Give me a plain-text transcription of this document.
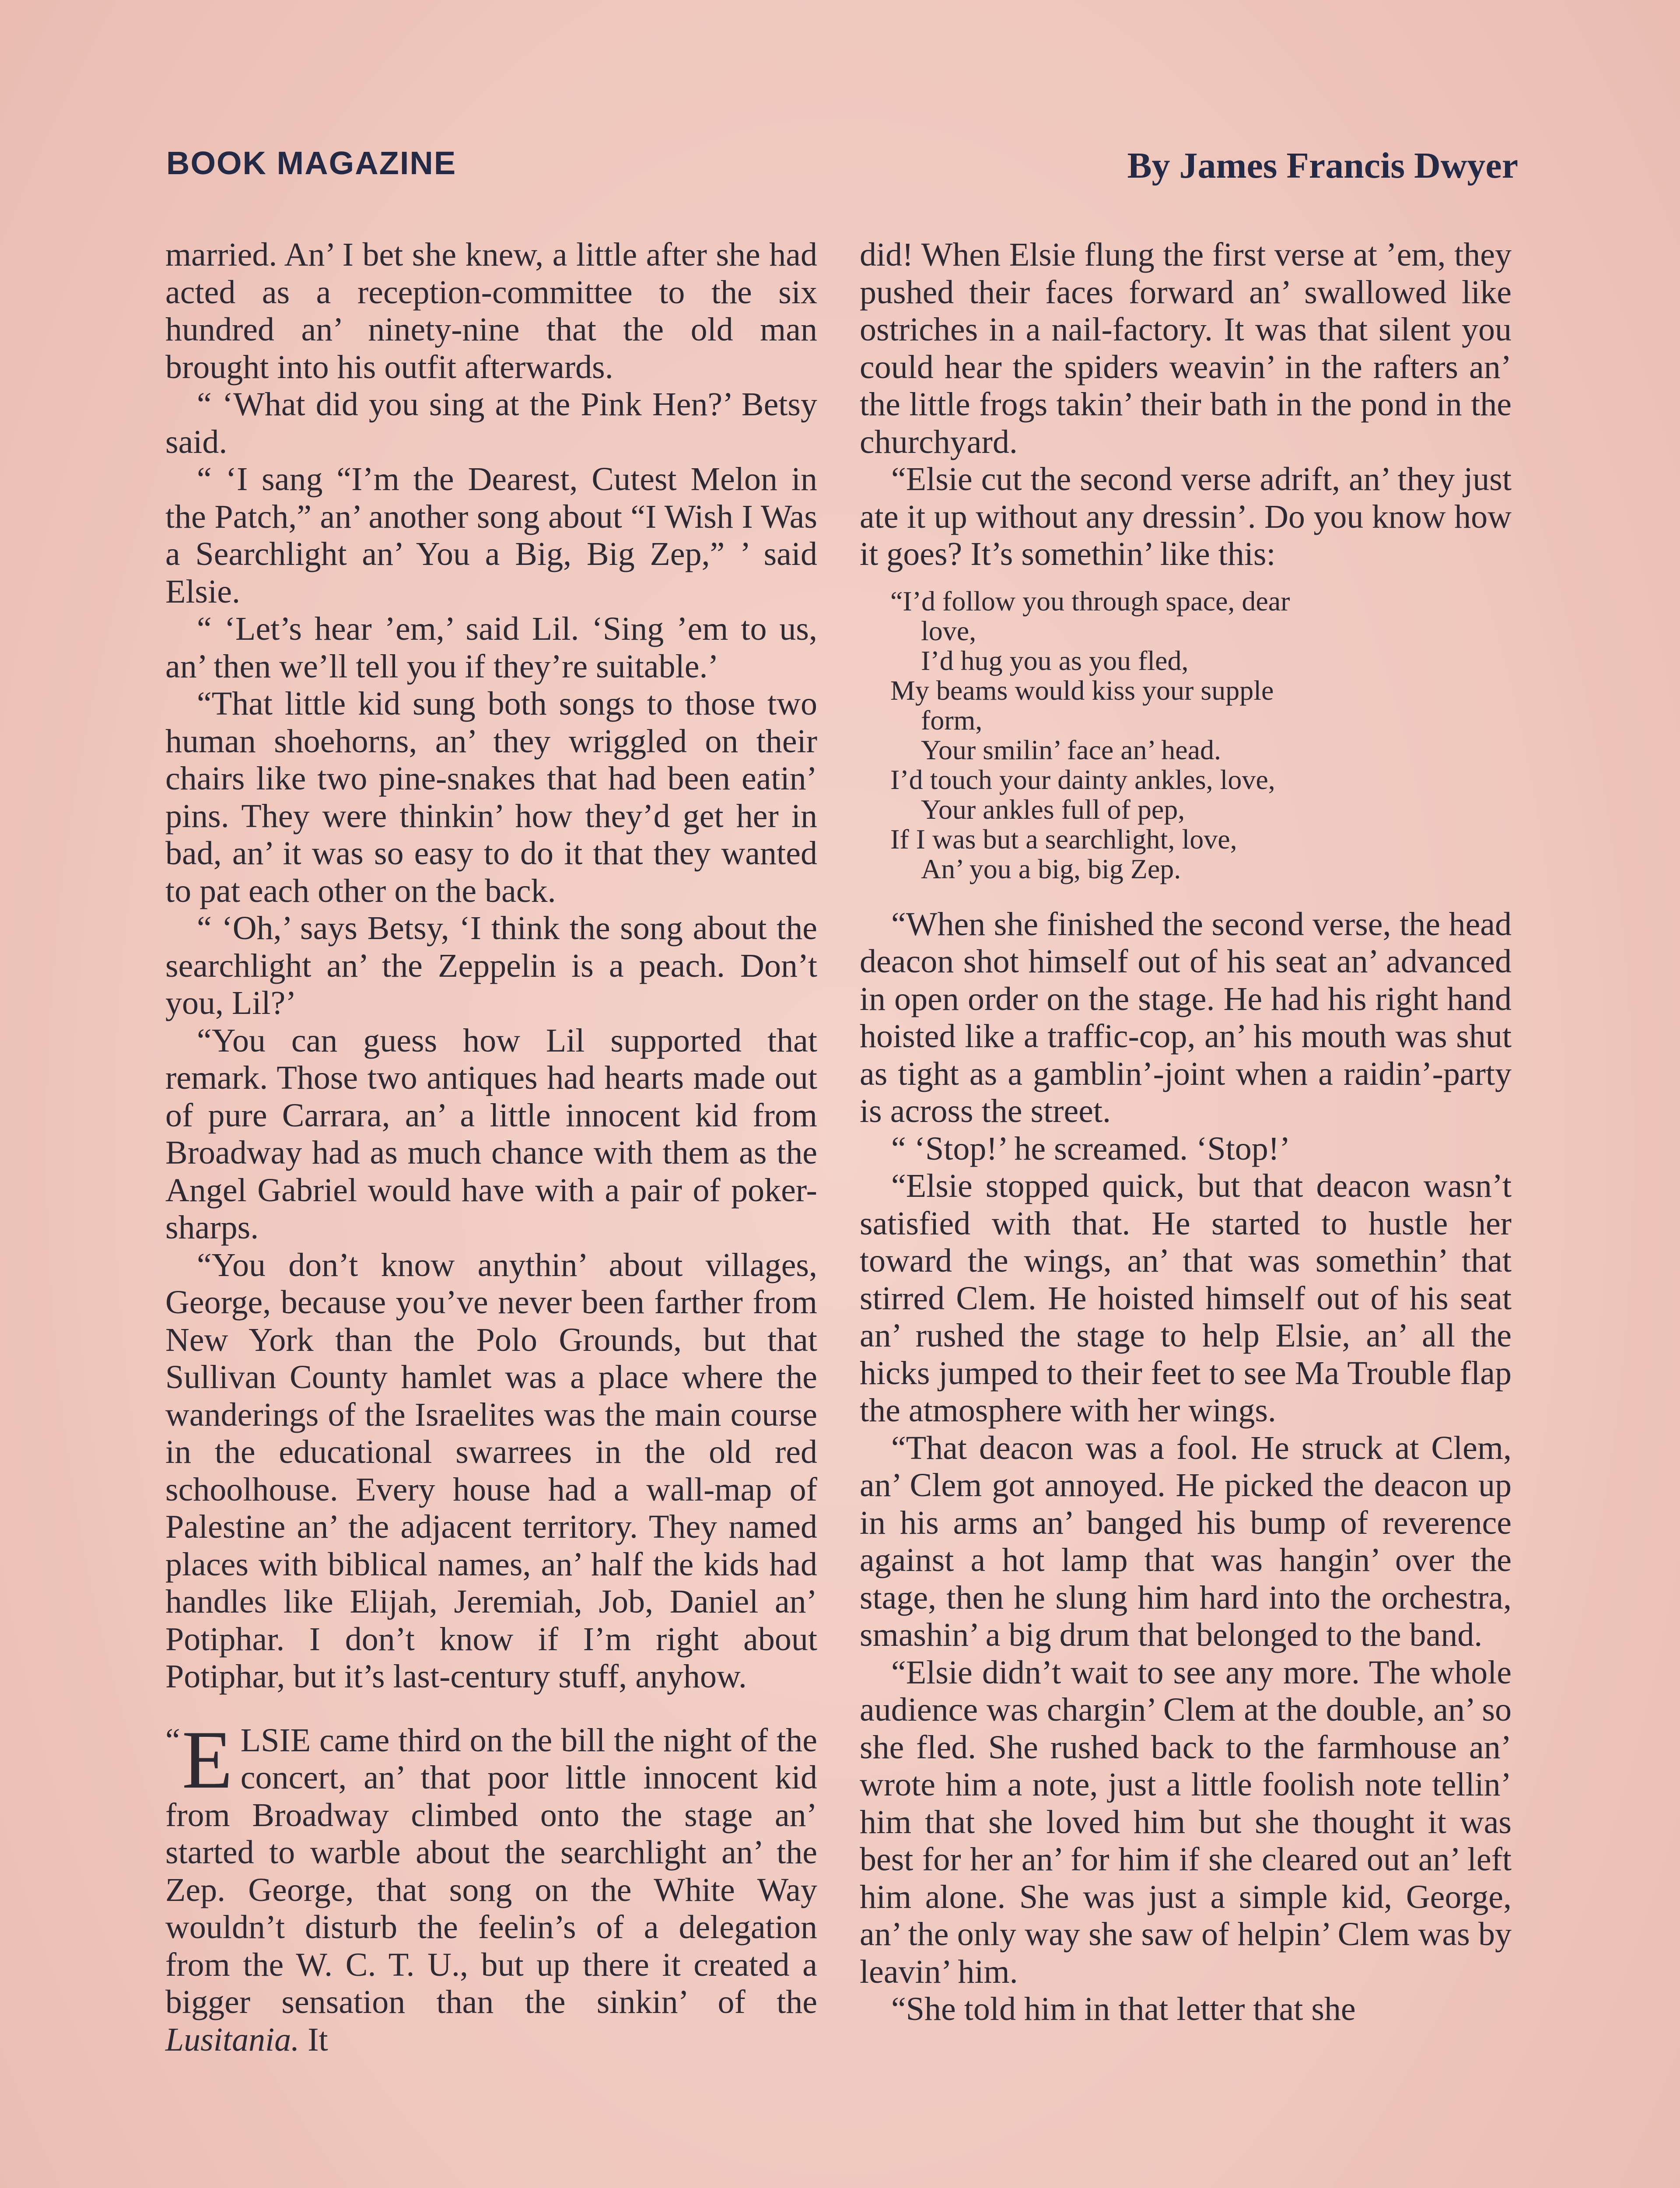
BOOK MAGAZINE	By James Francis Dwyer

married. An’ I bet she knew, a little after she had acted as a reception-committee to the six hundred an’ ninety-nine that the old man brought into his outfit afterwards.

“ ‘What did you sing at the Pink Hen?’ Betsy said.

“ ‘I sang “I’m the Dearest, Cutest Melon in the Patch,” an’ another song about “I Wish I Was a Searchlight an’ You a Big, Big Zep,” ’ said Elsie.

“ ‘Let’s hear ’em,’ said Lil. ‘Sing ’em to us, an’ then we’ll tell you if they’re suitable.’

“That little kid sung both songs to those two human shoehorns, an’ they wriggled on their chairs like two pine-snakes that had been eatin’ pins. They were thinkin’ how they’d get her in bad, an’ it was so easy to do it that they wanted to pat each other on the back.

“ ‘Oh,’ says Betsy, ‘I think the song about the searchlight an’ the Zeppelin is a peach. Don’t you, Lil?’

“You can guess how Lil supported that remark. Those two antiques had hearts made out of pure Carrara, an’ a little innocent kid from Broadway had as much chance with them as the Angel Gabriel would have with a pair of poker-sharps.

“You don’t know anythin’ about villages, George, because you’ve never been farther from New York than the Polo Grounds, but that Sullivan County hamlet was a place where the wanderings of the Israelites was the main course in the educational swarrees in the old red schoolhouse. Every house had a wall-map of Palestine an’ the adjacent territory. They named places with biblical names, an’ half the kids had handles like Elijah, Jeremiah, Job, Daniel an’ Potiphar. I don’t know if I’m right about Potiphar, but it’s last-century stuff, anyhow.

“ E LSIE came third on the bill the night of the concert, an’ that poor little innocent kid from Broadway climbed onto the stage an’ started to warble about the searchlight an’ the Zep. George, that song on the White Way wouldn’t disturb the feelin’s of a delegation from the W. C. T. U., but up there it created a bigger sensation than the sinkin’ of the Lusitania. It

did! When Elsie flung the first verse at ’em, they pushed their faces forward an’ swallowed like ostriches in a nail-factory. It was that silent you could hear the spiders weavin’ in the rafters an’ the little frogs takin’ their bath in the pond in the churchyard.

“Elsie cut the second verse adrift, an’ they just ate it up without any dressin’. Do you know how it goes? It’s somethin’ like this:

“I’d follow you through space, dear
love,
I’d hug you as you fled,
My beams would kiss your supple
form,
Your smilin’ face an’ head.
I’d touch your dainty ankles, love,
Your ankles full of pep,
If I was but a searchlight, love,
An’ you a big, big Zep.

“When she finished the second verse, the head deacon shot himself out of his seat an’ advanced in open order on the stage. He had his right hand hoisted like a traffic-cop, an’ his mouth was shut as tight as a gamblin’-joint when a raidin’-party is across the street.

“ ‘Stop!’ he screamed. ‘Stop!’

“Elsie stopped quick, but that deacon wasn’t satisfied with that. He started to hustle her toward the wings, an’ that was somethin’ that stirred Clem. He hoisted himself out of his seat an’ rushed the stage to help Elsie, an’ all the hicks jumped to their feet to see Ma Trouble flap the atmosphere with her wings.

“That deacon was a fool. He struck at Clem, an’ Clem got annoyed. He picked the deacon up in his arms an’ banged his bump of reverence against a hot lamp that was hangin’ over the stage, then he slung him hard into the orchestra, smashin’ a big drum that belonged to the band.

“Elsie didn’t wait to see any more. The whole audience was chargin’ Clem at the double, an’ so she fled. She rushed back to the farmhouse an’ wrote him a note, just a little foolish note tellin’ him that she loved him but she thought it was best for her an’ for him if she cleared out an’ left him alone. She was just a simple kid, George, an’ the only way she saw of helpin’ Clem was by leavin’ him.

“She told him in that letter that she
